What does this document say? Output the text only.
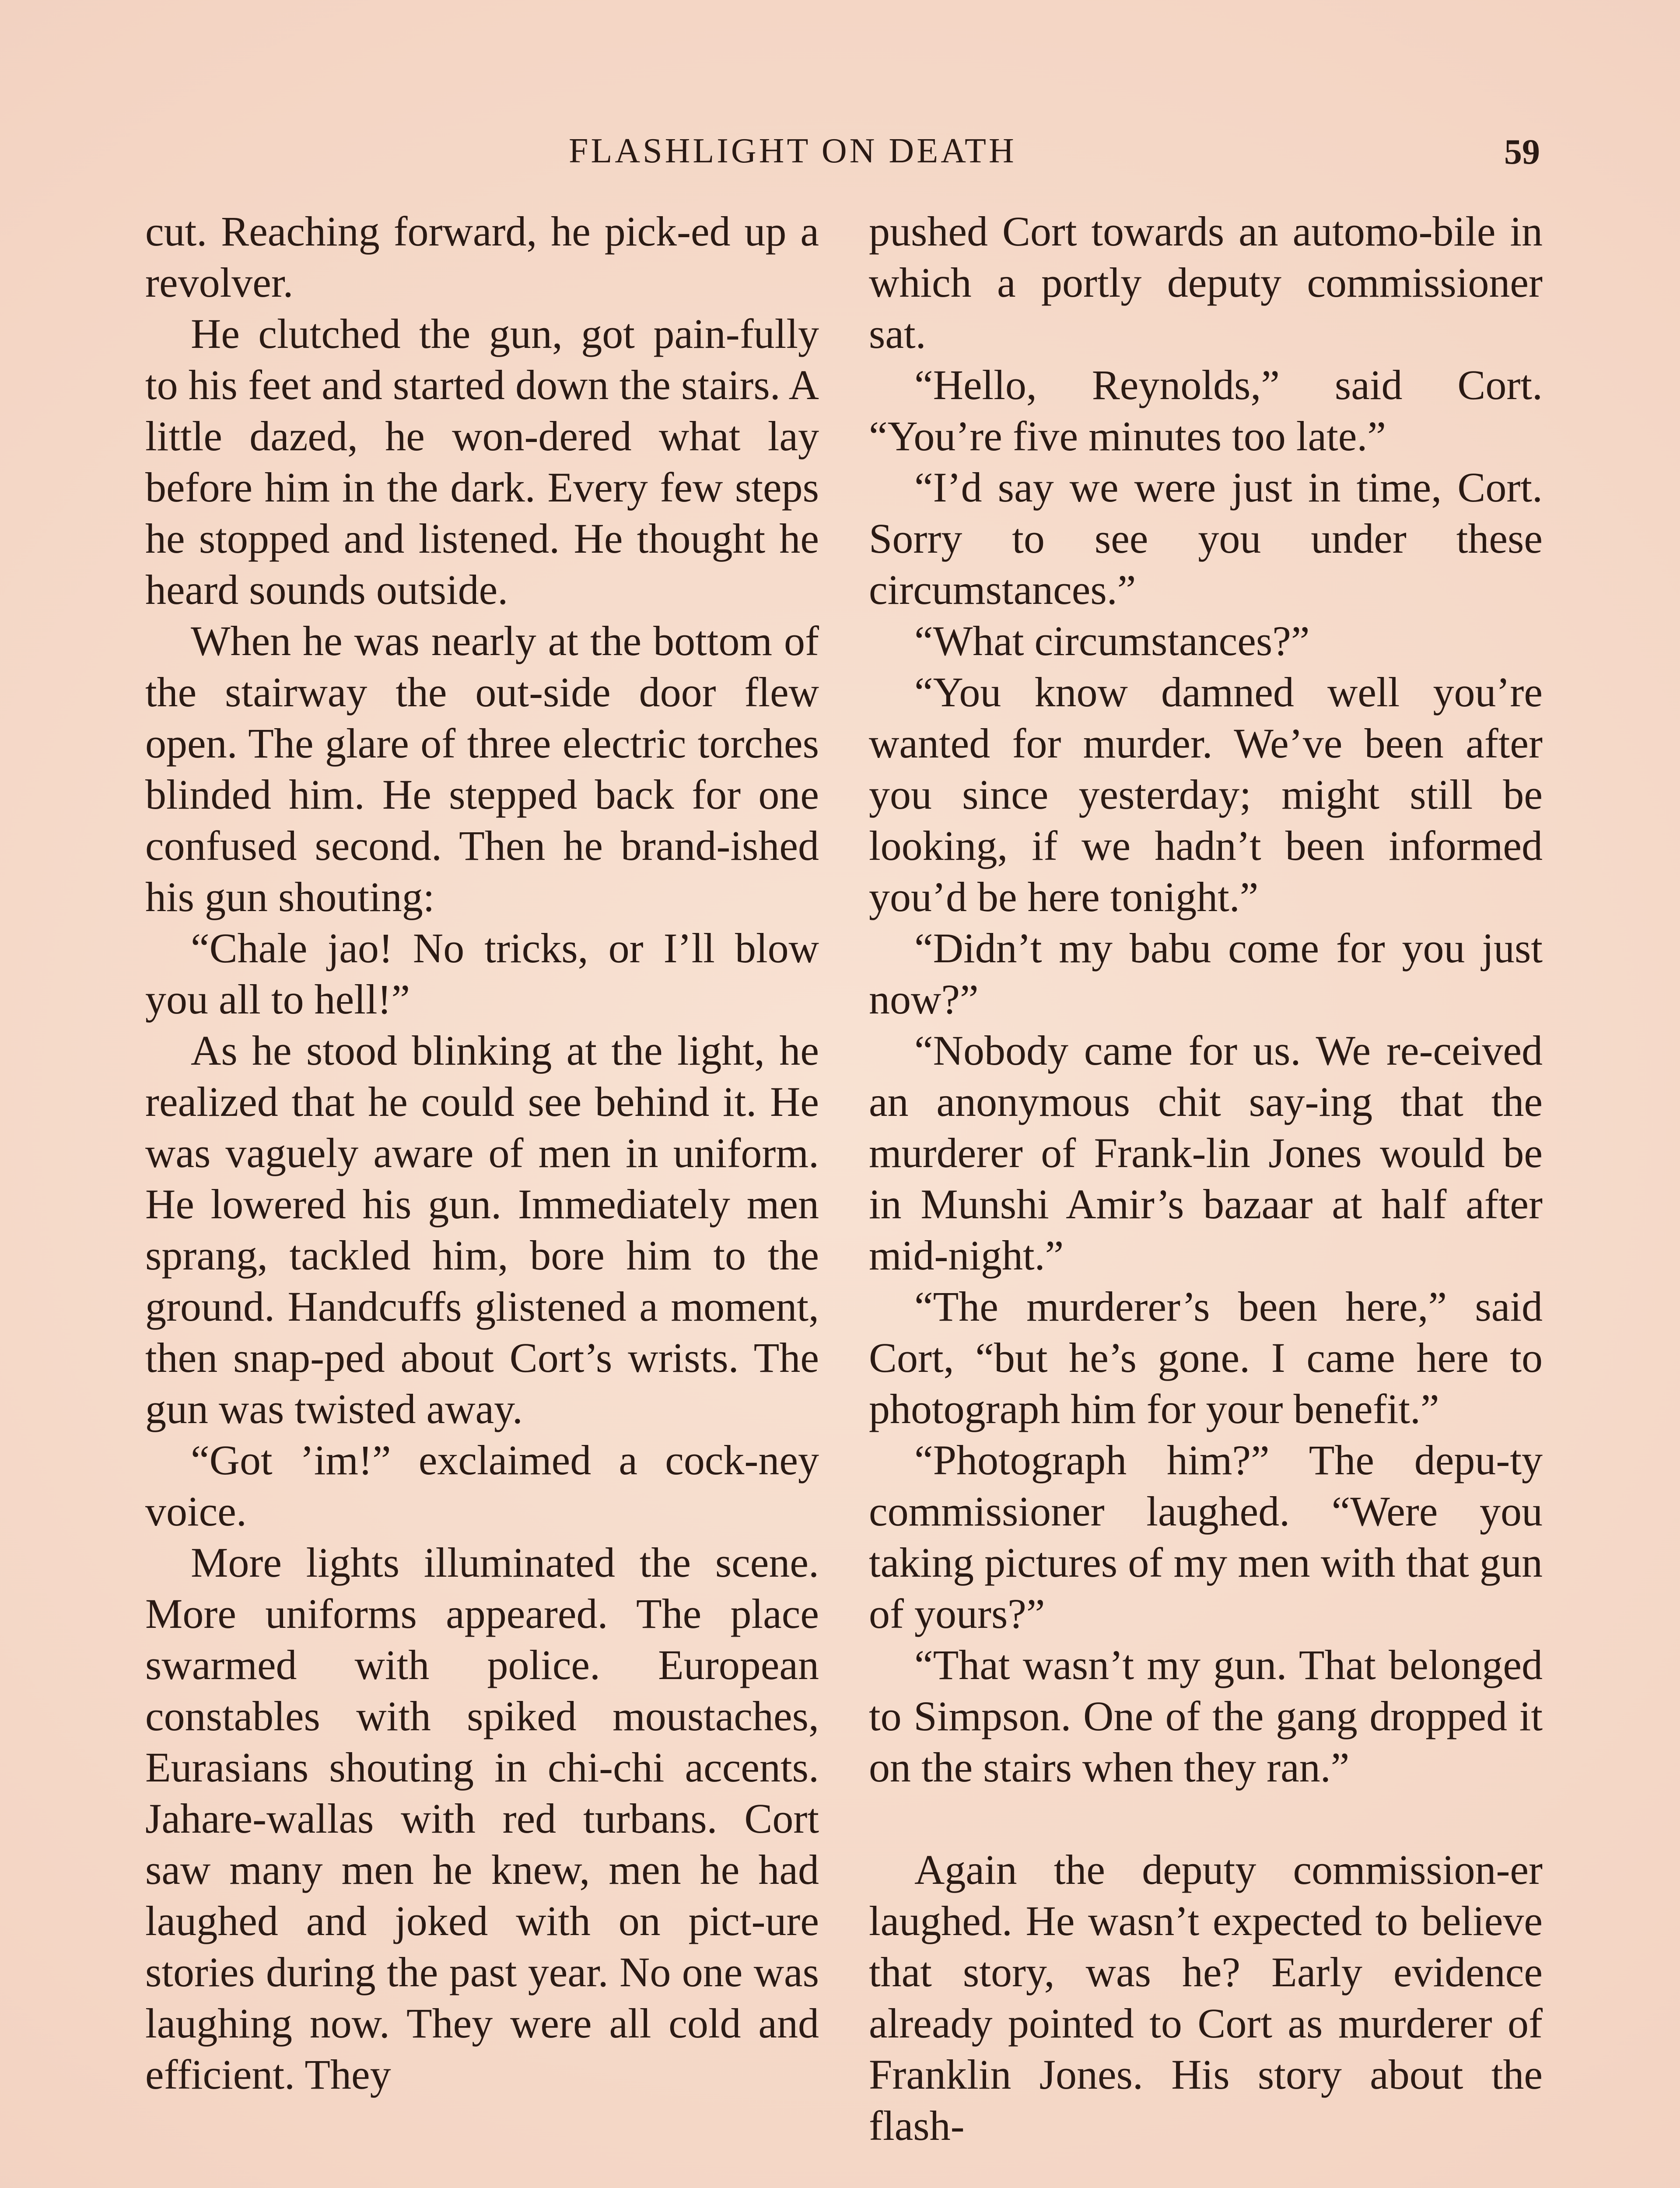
FLASHLIGHT ON DEATH	59

cut. Reaching forward, he pick-ed up a revolver.

He clutched the gun, got pain-fully to his feet and started down the stairs. A little dazed, he won-dered what lay before him in the dark. Every few steps he stopped and listened. He thought he heard sounds outside.

When he was nearly at the bottom of the stairway the out-side door flew open. The glare of three electric torches blinded him. He stepped back for one confused second. Then he brand-ished his gun shouting:

“Chale jao! No tricks, or I’ll blow you all to hell!”

As he stood blinking at the light, he realized that he could see behind it. He was vaguely aware of men in uniform. He lowered his gun. Immediately men sprang, tackled him, bore him to the ground. Handcuffs glistened a moment, then snap-ped about Cort’s wrists. The gun was twisted away.

“Got ’im!” exclaimed a cock-ney voice.

More lights illuminated the scene. More uniforms appeared. The place swarmed with police. European constables with spiked moustaches, Eurasians shouting in chi-chi accents. Jahare-wallas with red turbans. Cort saw many men he knew, men he had laughed and joked with on pict-ure stories during the past year. No one was laughing now. They were all cold and efficient. They

pushed Cort towards an automo-bile in which a portly deputy commissioner sat.

“Hello, Reynolds,” said Cort. “You’re five minutes too late.”

“I’d say we were just in time, Cort. Sorry to see you under these circumstances.”

“What circumstances?”

“You know damned well you’re wanted for murder. We’ve been after you since yesterday; might still be looking, if we hadn’t been informed you’d be here tonight.”

“Didn’t my babu come for you just now?”

“Nobody came for us. We re-ceived an anonymous chit say-ing that the murderer of Frank-lin Jones would be in Munshi Amir’s bazaar at half after mid-night.”

“The murderer’s been here,” said Cort, “but he’s gone. I came here to photograph him for your benefit.”

“Photograph him?” The depu-ty commissioner laughed. “Were you taking pictures of my men with that gun of yours?”

“That wasn’t my gun. That belonged to Simpson. One of the gang dropped it on the stairs when they ran.”

Again the deputy commission-er laughed. He wasn’t expected to believe that story, was he? Early evidence already pointed to Cort as murderer of Franklin Jones. His story about the flash-
